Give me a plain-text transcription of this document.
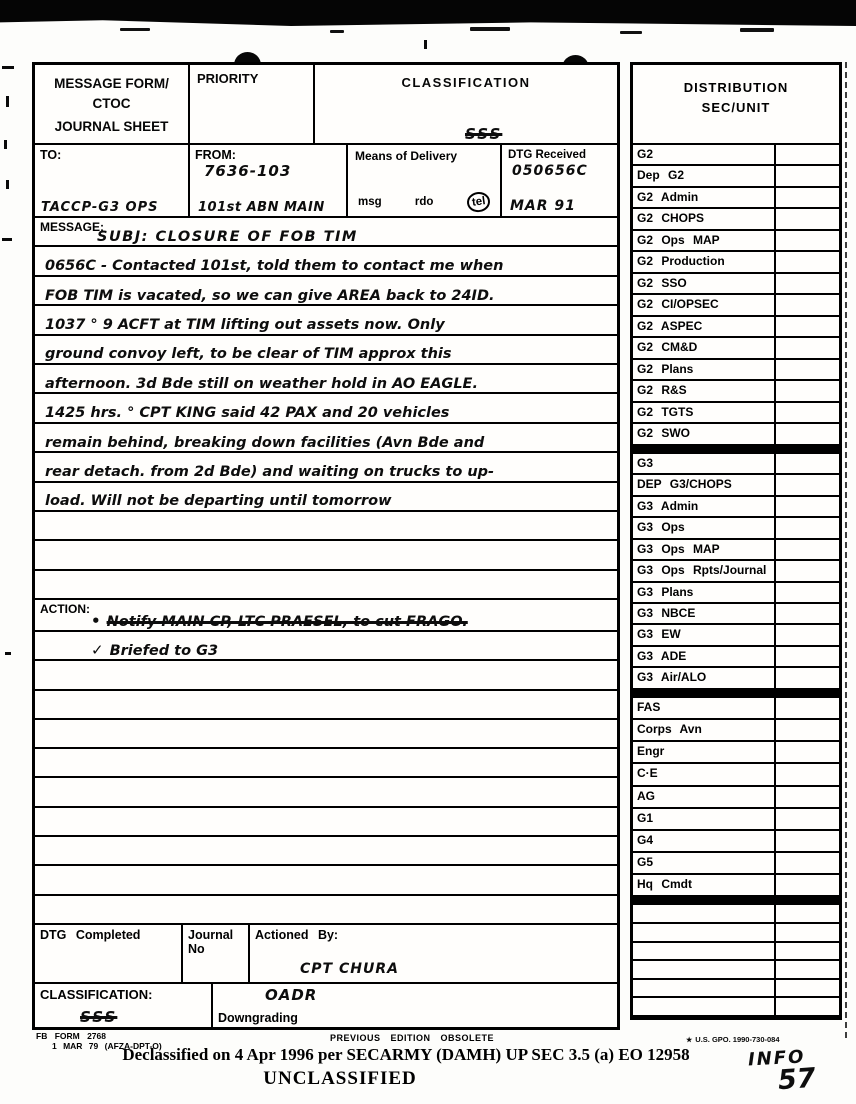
MESSAGE FORM/
CTOC
JOURNAL SHEET
PRIORITY	CLASSIFICATION
SSS
TO:
TACCP-G3 OPS
FROM:
7636-103
101st ABN MAIN
Means of Delivery
msg	rdo	tel
DTG Received
050656C
MAR 91
MESSAGE:
SUBJ: CLOSURE OF FOB TIM
0656C - Contacted 101st, told them to contact me when
FOB TIM is vacated, so we can give AREA back to 24ID.
1037 ° 9 ACFT at TIM lifting out assets now. Only
ground convoy left, to be clear of TIM approx this
afternoon. 3d Bde still on weather hold in AO EAGLE.
1425 hrs. ° CPT KING said 42 PAX and 20 vehicles
remain behind, breaking down facilities (Avn Bde and
rear detach. from 2d Bde) and waiting on trucks to up-
load. Will not be departing until tomorrow
ACTION:
• Notify MAIN CP, LTC PRAESEL, to cut FRAGO.
✓ Briefed to G3
DTG Completed	Journal No
Actioned By:
CPT CHURA
CLASSIFICATION:
SSS
OADR
Downgrading
DISTRIBUTION
SEC/UNIT
G2
Dep G2
G2 Admin
G2 CHOPS
G2 Ops MAP
G2 Production
G2 SSO
G2 CI/OPSEC
G2 ASPEC
G2 CM&D
G2 Plans
G2 R&S
G2 TGTS
G2 SWO
G3
DEP G3/CHOPS
G3 Admin
G3 Ops
G3 Ops MAP
G3 Ops Rpts/Journal
G3 Plans
G3 NBCE
G3 EW
G3 ADE
G3 Air/ALO
FAS
Corps Avn
Engr
C·E
AG
G1
G4
G5
Hq Cmdt
FB FORM 2768
1 MAR 79 (AFZA-DPT-O)
PREVIOUS EDITION OBSOLETE
Declassified on 4 Apr 1996 per SECARMY (DAMH) UP SEC 3.5 (a) EO 12958
UNCLASSIFIED
★ U.S. GPO. 1990-730-084
INFO
57
